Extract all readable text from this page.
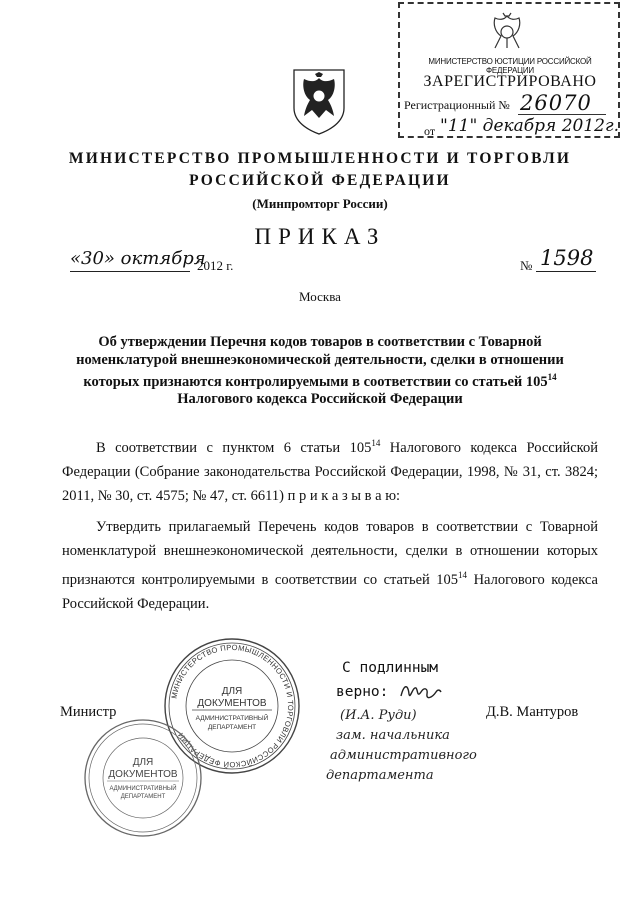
МИНИСТЕРСТВО ЮСТИЦИИ РОССИЙСКОЙ ФЕДЕРАЦИИ
ЗАРЕГИСТРИРОВАНО
Регистрационный № 26070
от "11" декабря 2012г.
МИНИСТЕРСТВО ПРОМЫШЛЕННОСТИ И ТОРГОВЛИ
РОССИЙСКОЙ ФЕДЕРАЦИИ
(Минпромторг России)
ПРИКАЗ
«30» октября
2012 г.	№ 1598
Москва
Об утверждении Перечня кодов товаров в соответствии с Товарной
номенклатурой внешнеэкономической деятельности, сделки в отношении
которых признаются контролируемыми в соответствии со статьей $105^{14}$
Налогового кодекса Российской Федерации
В соответствии с пунктом 6 статьи $105^{14}$ Налогового кодекса Российской Федерации (Собрание законодательства Российской Федерации, 1998, № 31, ст. 3824; 2011, № 30, ст. 4575; № 47, ст. 6611) п р и к а з ы в а ю:
Утвердить прилагаемый Перечень кодов товаров в соответствии с Товарной номенклатурой внешнеэкономической деятельности, сделки в отношении которых признаются контролируемыми в соответствии со статьей $105^{14}$ Налогового кодекса Российской Федерации.
МИНИСТЕРСТВО ПРОМЫШЛЕННОСТИ И ТОРГОВЛИ РОССИЙСКОЙ ФЕДЕРАЦИИ
ДЛЯ
ДОКУМЕНТОВ
АДМИНИСТРАТИВНЫЙ
ДЕПАРТАМЕНТ
ДЛЯ
ДОКУМЕНТОВ
АДМИНИСТРАТИВНЫЙ
ДЕПАРТАМЕНТ
Министр	Д.В. Мантуров
С подлинным
верно:
(И.А. Руди)
зам. начальника
административного
департамента
